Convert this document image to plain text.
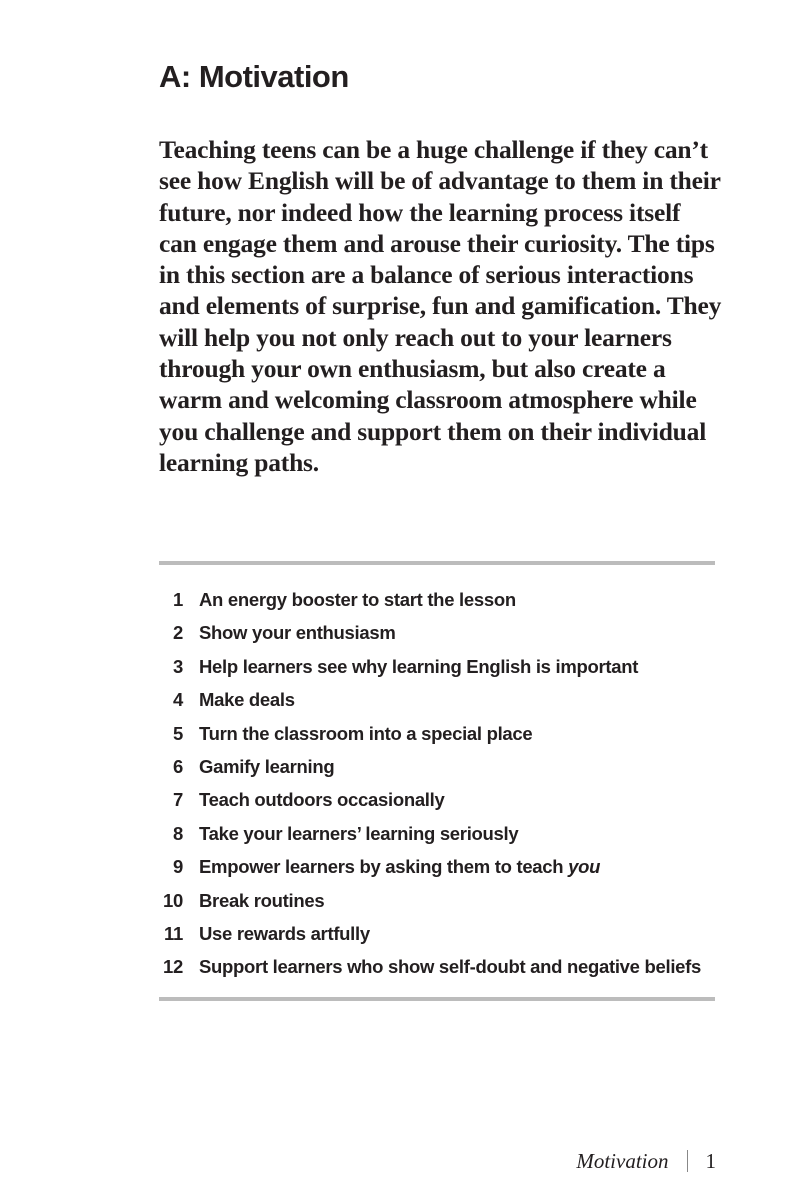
A: Motivation

Teaching teens can be a huge challenge if they can’t see how English will be of advantage to them in their future, nor indeed how the learning process itself can engage them and arouse their curiosity. The tips in this section are a balance of serious interactions and elements of surprise, fun and gamification. They will help you not only reach out to your learners through your own enthusiasm, but also create a warm and welcoming classroom atmosphere while you challenge and support them on their individual learning paths.

1 An energy booster to start the lesson
2 Show your enthusiasm
3 Help learners see why learning English is important
4 Make deals
5 Turn the classroom into a special place
6 Gamify learning
7 Teach outdoors occasionally
8 Take your learners’ learning seriously
9 Empower learners by asking them to teach you
10 Break routines
11 Use rewards artfully
12 Support learners who show self-doubt and negative beliefs
Motivation 1
